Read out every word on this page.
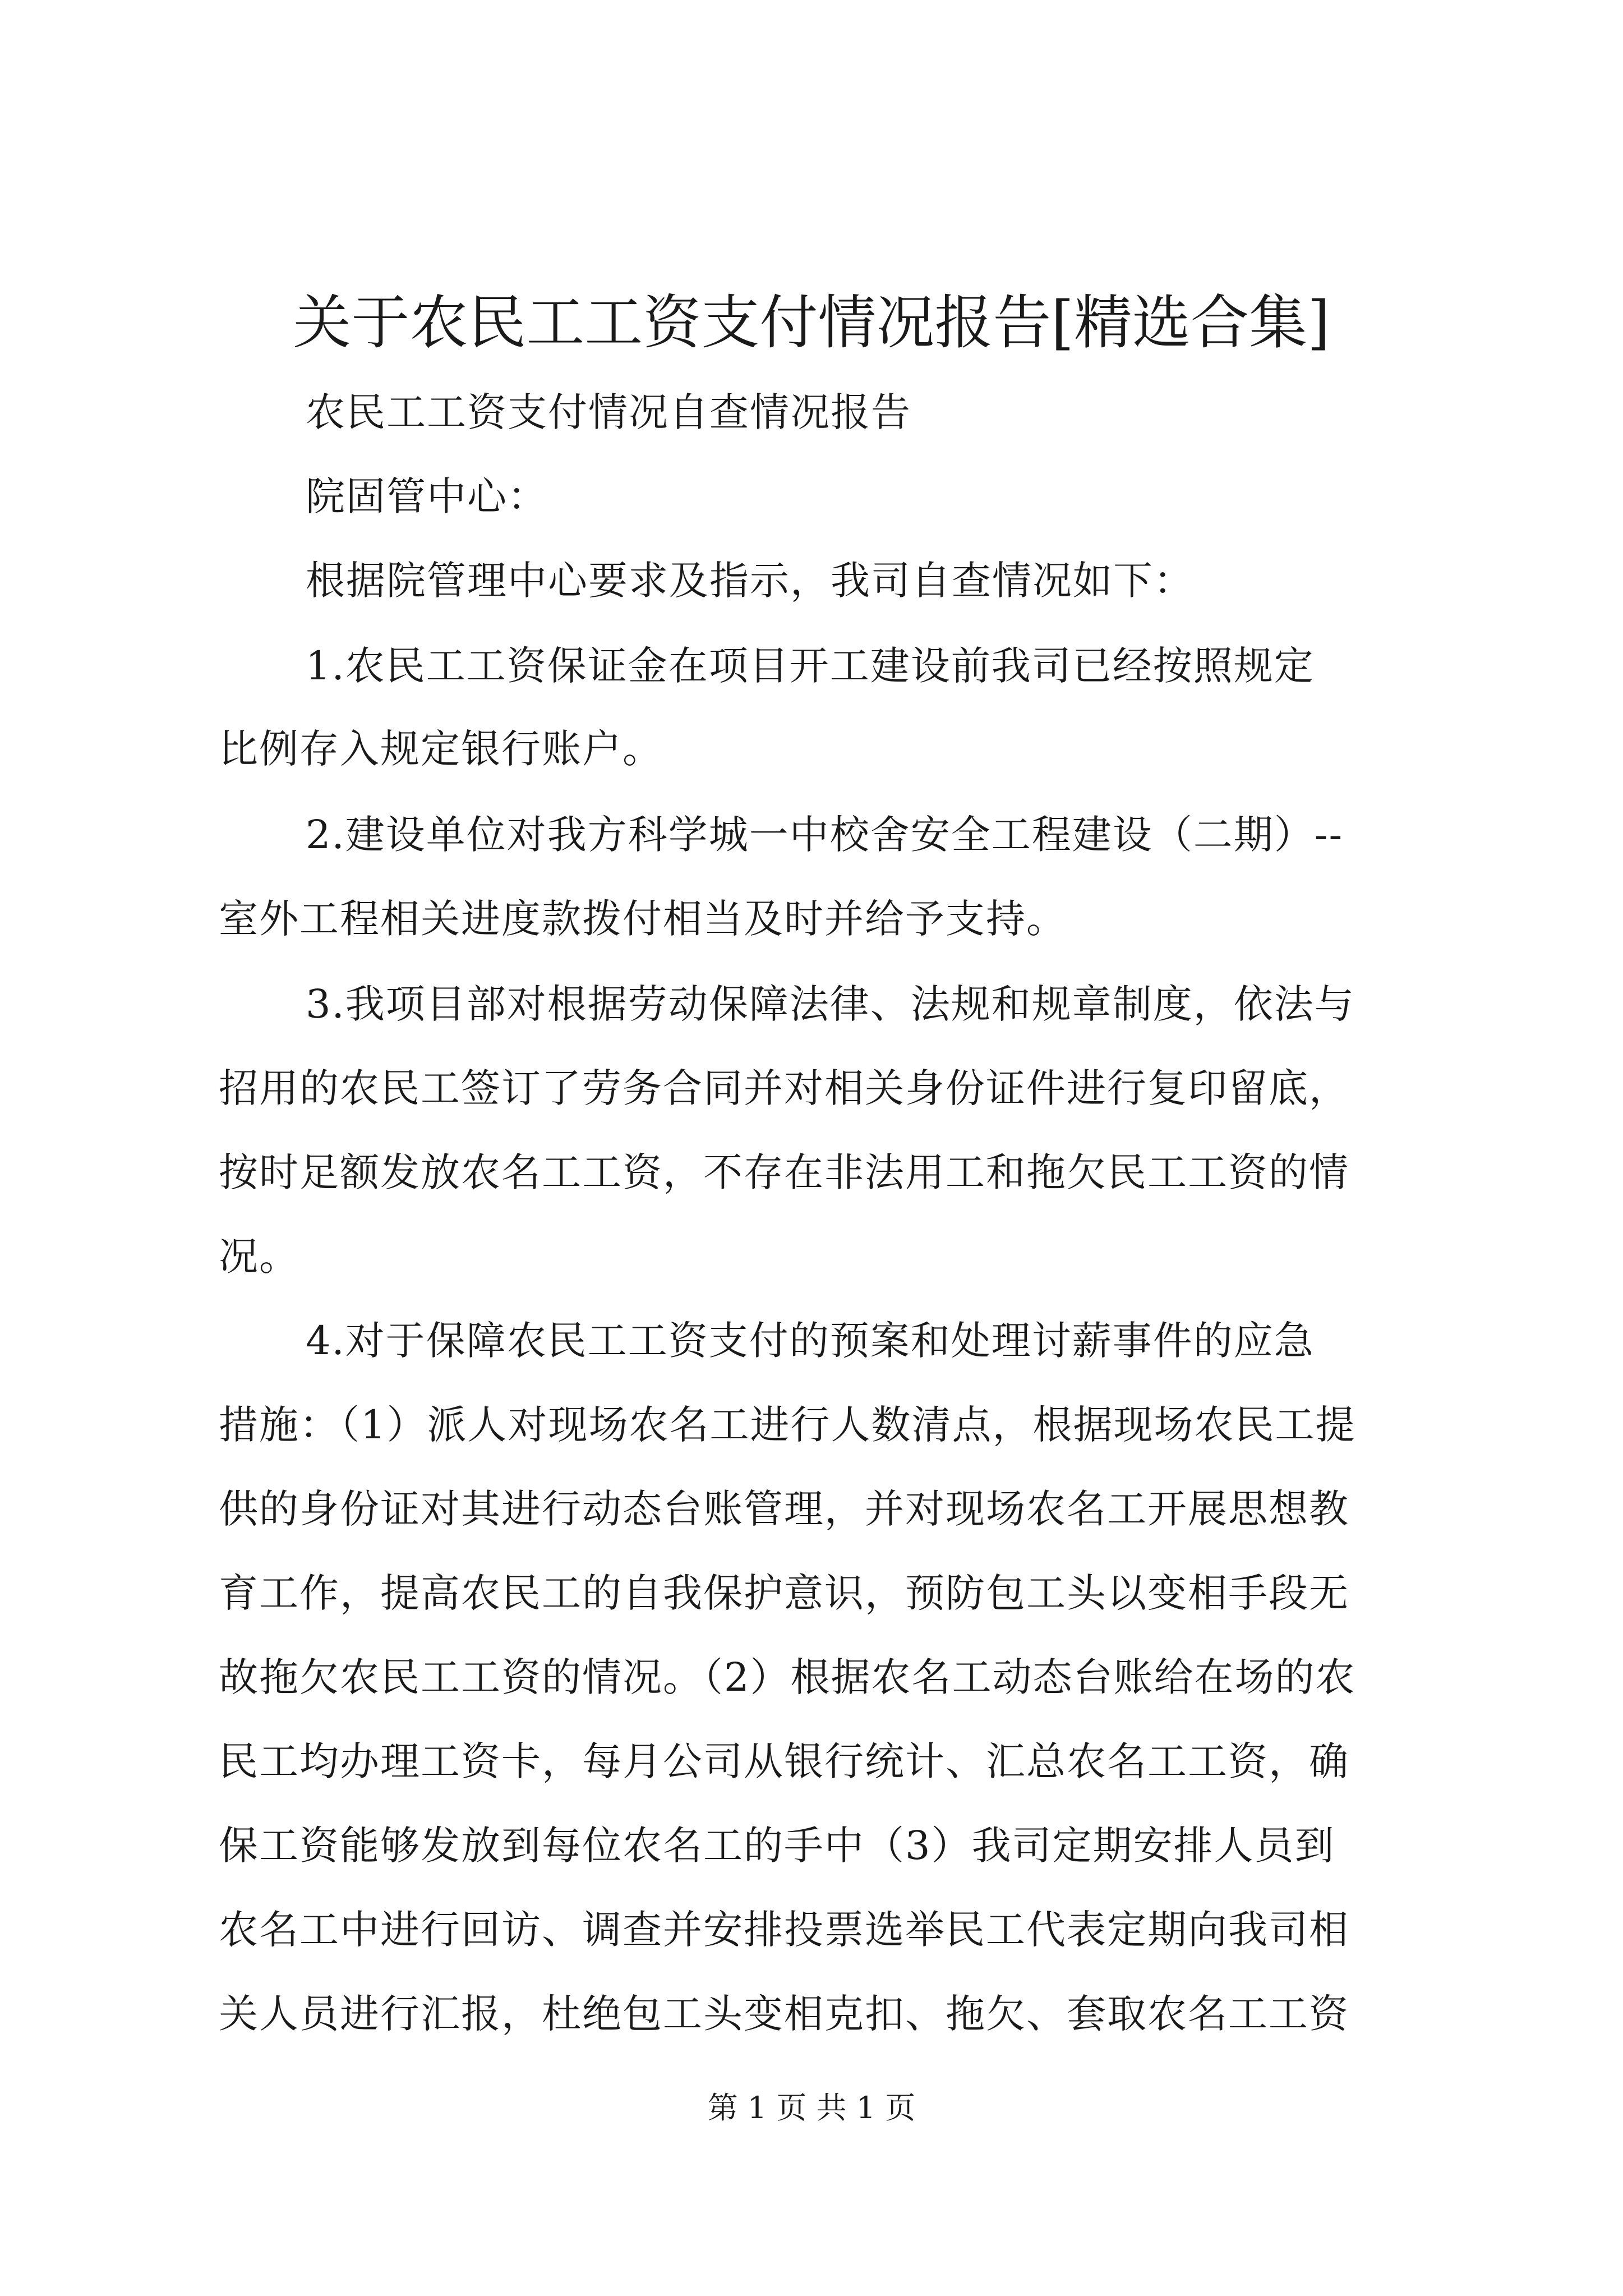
关于农民工工资支付情况报告[精选合集]

农民工工资支付情况自查情况报告

院固管中心：

根据院管理中心要求及指示，我司自查情况如下：

1.农民工工资保证金在项目开工建设前我司已经按照规定

比例存入规定银行账户。

2.建设单位对我方科学城一中校舍安全工程建设（二期）--

室外工程相关进度款拨付相当及时并给予支持。

3.我项目部对根据劳动保障法律、法规和规章制度，依法与

招用的农民工签订了劳务合同并对相关身份证件进行复印留底，

按时足额发放农名工工资，不存在非法用工和拖欠民工工资的情

况。

4.对于保障农民工工资支付的预案和处理讨薪事件的应急

措施：（1）派人对现场农名工进行人数清点，根据现场农民工提

供的身份证对其进行动态台账管理，并对现场农名工开展思想教

育工作，提高农民工的自我保护意识，预防包工头以变相手段无

故拖欠农民工工资的情况。（2）根据农名工动态台账给在场的农

民工均办理工资卡，每月公司从银行统计、汇总农名工工资，确

保工资能够发放到每位农名工的手中（3）我司定期安排人员到

农名工中进行回访、调查并安排投票选举民工代表定期向我司相

关人员进行汇报，杜绝包工头变相克扣、拖欠、套取农名工工资

第 1 页 共 1 页
